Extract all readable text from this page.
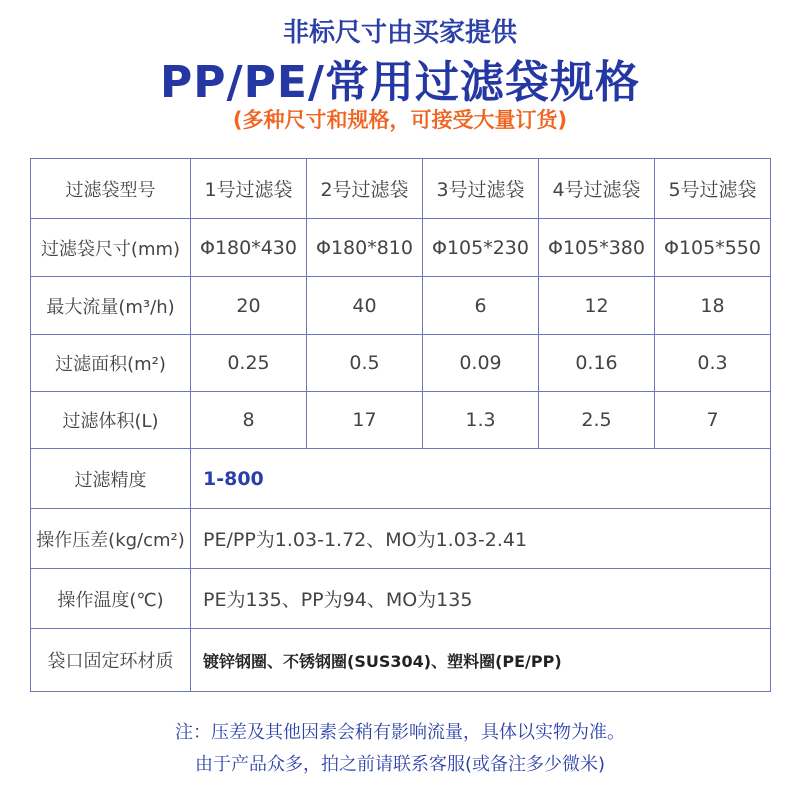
非标尺寸由买家提供
PP/PE/常用过滤袋规格
(多种尺寸和规格，可接受大量订货)
过滤袋型号	1号过滤袋	2号过滤袋	3号过滤袋	4号过滤袋	5号过滤袋
过滤袋尺寸(mm)	Φ180*430	Φ180*810	Φ105*230	Φ105*380	Φ105*550
最大流量(m³/h)	20	40	6	12	18
过滤面积(m²)	0.25	0.5	0.09	0.16	0.3
过滤体积(L)	8	17	1.3	2.5	7
过滤精度	1-800				
操作压差(kg/cm²)	PE/PP为1.03-1.72、MO为1.03-2.41				
操作温度(℃)	PE为135、PP为94、MO为135				
袋口固定环材质	镀锌钢圈、不锈钢圈(SUS304)、塑料圈(PE/PP)				
注：压差及其他因素会稍有影响流量，具体以实物为准。
由于产品众多，拍之前请联系客服(或备注多少微米)
